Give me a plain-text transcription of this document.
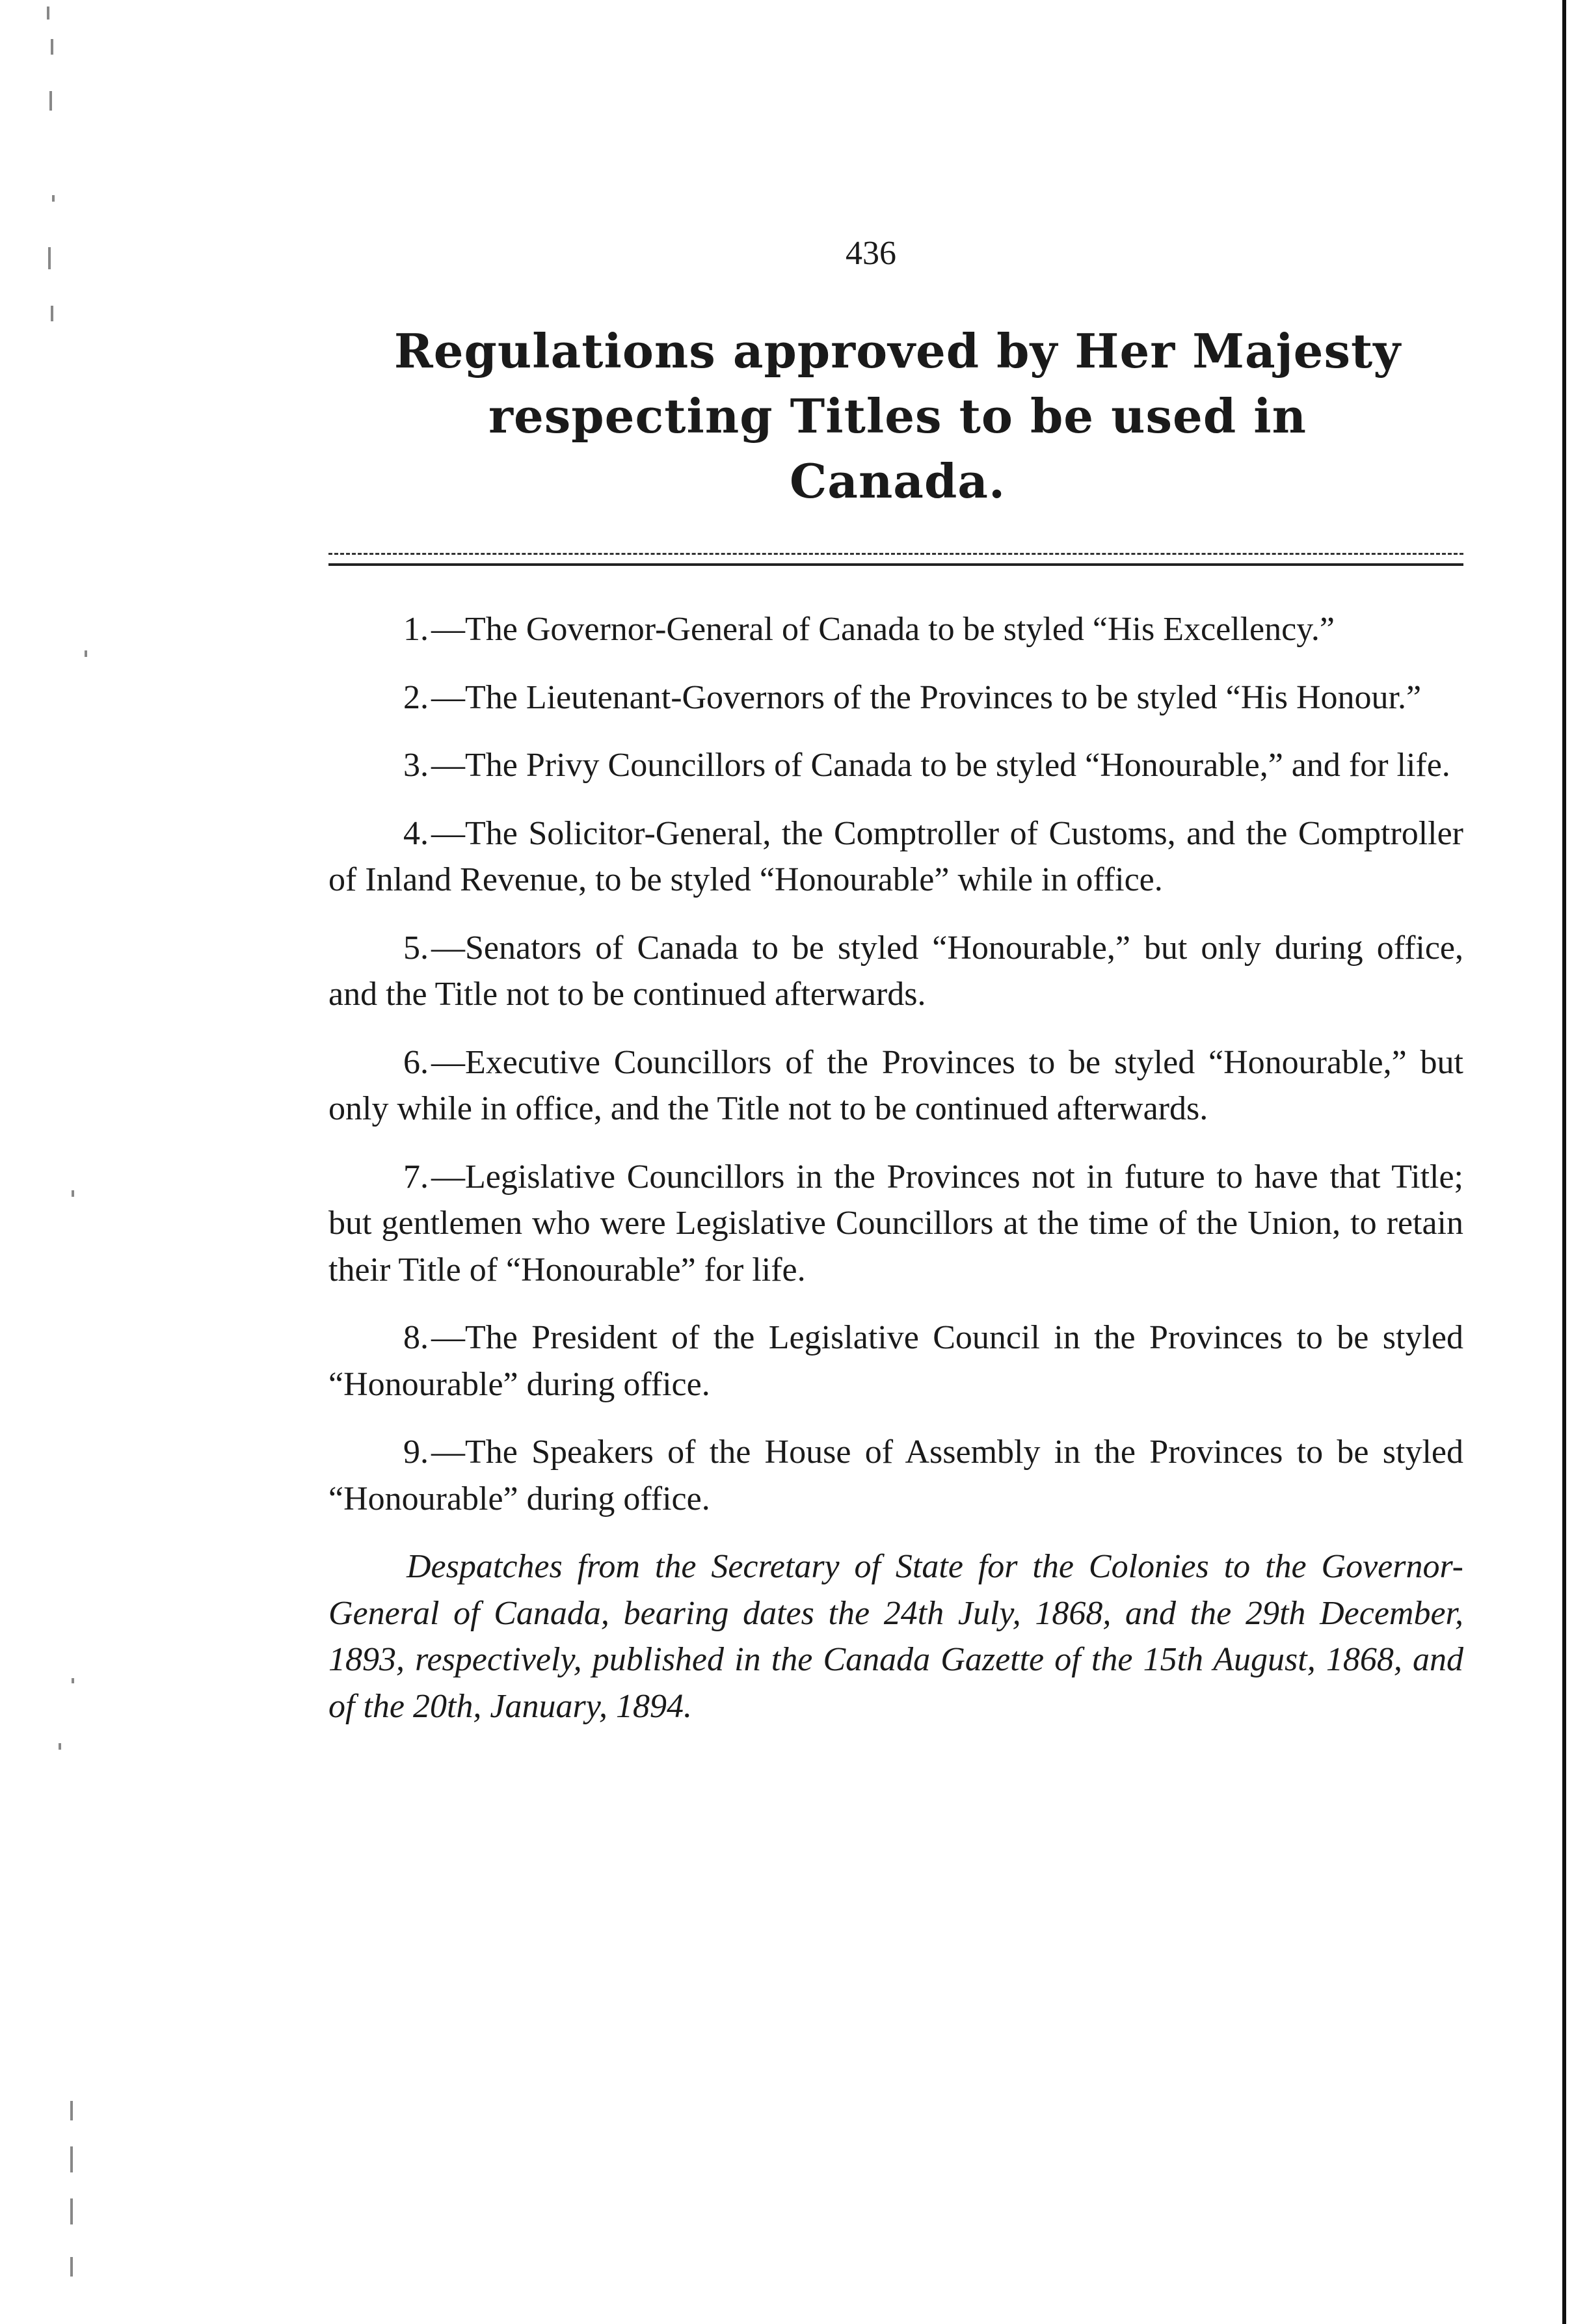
436
Regulations approved by Her Majesty
respecting Titles to be used in
Canada.

1.—The Governor-General of Canada to be styled “His Excellency.”

2.—The Lieutenant-Governors of the Provinces to be styled “His Honour.”

3.—The Privy Councillors of Canada to be styled “Honourable,” and for life.

4.—The Solicitor-General, the Comptroller of Customs, and the Comptroller of Inland Revenue, to be styled “Honourable” while in office.

5.—Senators of Canada to be styled “Honourable,” but only during office, and the Title not to be continued afterwards.

6.—Executive Councillors of the Provinces to be styled “Honourable,” but only while in office, and the Title not to be continued afterwards.

7.—Legislative Councillors in the Provinces not in future to have that Title; but gentlemen who were Legislative Councillors at the time of the Union, to retain their Title of “Honourable” for life.

8.—The President of the Legislative Council in the Provinces to be styled “Honourable” during office.

9.—The Speakers of the House of Assembly in the Provinces to be styled “Honourable” during office.

Despatches from the Secretary of State for the Colonies to the Governor-General of Canada, bearing dates the 24th July, 1868, and the 29th December, 1893, respectively, published in the Canada Gazette of the 15th August, 1868, and of the 20th, January, 1894.
